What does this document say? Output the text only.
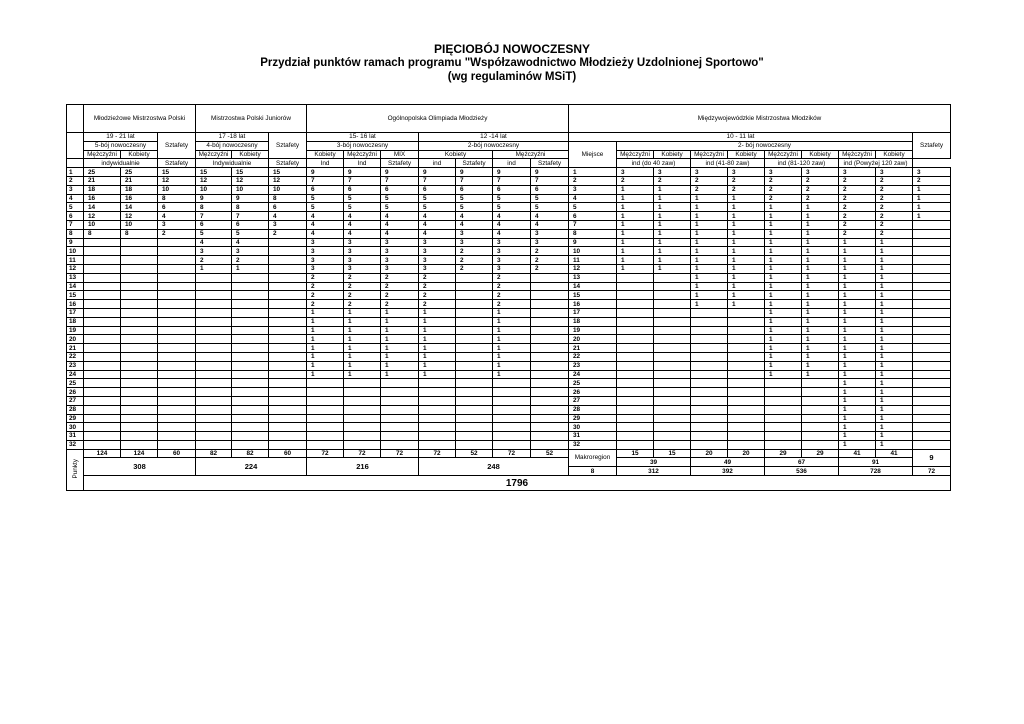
PIĘCIOBÓJ NOWOCZESNY
Przydział punktów ramach programu "Współzawodnictwo Młodzieży Uzdolnionej Sportowo"
(wg regulaminów MSiT)
	Młodzieżowe Mistrzostwa Polski			Mistrzostwa Polski Juniorów			Ogólnopolska Olimpiada Młodzieży							Międzywojewódzkie Mistrzostwa Młodzików									
	19 - 21 lat		Sztafety	17 -18 lat		Sztafety	15- 16 lat			12 -14 lat				10 - 11 lat									Sztafety
	5-bój nowoczesny			4-bój nowoczesny			3-bój nowoczesny			2-bój nowoczesny				Miejsce	2- bój nowoczesny								
	Mężczyźni	Kobiety		Mężczyźni	Kobiety		Kobiety	Mężczyźni	MIX	Kobiety		Mężczyźni			Mężczyźni	Kobiety	Mężczyźni	Kobiety	Mężczyźni	Kobiety	Mężczyźni	Kobiety	
	indywidualnie		Sztafety	Indywidualnie		Sztafety	Ind	Ind	Sztafety	ind	Sztafety	ind	Sztafety		ind (do 40 zaw)		ind (41-80 zaw)		ind (81-120 zaw)		ind (Powyżej 120 zaw)		
1	25	25	15	15	15	15	9	9	9	9	9	9	9	1	3	3	3	3	3	3	3	3	3
2	21	21	12	12	12	12	7	7	7	7	7	7	7	2	2	2	2	2	2	2	2	2	2
3	18	18	10	10	10	10	6	6	6	6	6	6	6	3	1	1	2	2	2	2	2	2	1
4	16	16	8	9	9	8	5	5	5	5	5	5	5	4	1	1	1	1	2	2	2	2	1
5	14	14	6	8	8	6	5	5	5	5	5	5	5	5	1	1	1	1	1	1	2	2	1
6	12	12	4	7	7	4	4	4	4	4	4	4	4	6	1	1	1	1	1	1	2	2	1
7	10	10	3	6	6	3	4	4	4	4	4	4	4	7	1	1	1	1	1	1	2	2	
8	8	8	2	5	5	2	4	4	4	4	3	4	3	8	1	1	1	1	1	1	2	2	
9				4	4		3	3	3	3	3	3	3	9	1	1	1	1	1	1	1	1	
10				3	3		3	3	3	3	2	3	2	10	1	1	1	1	1	1	1	1	
11				2	2		3	3	3	3	2	3	2	11	1	1	1	1	1	1	1	1	
12				1	1		3	3	3	3	2	3	2	12	1	1	1	1	1	1	1	1	
13							2	2	2	2		2		13			1	1	1	1	1	1	
14							2	2	2	2		2		14			1	1	1	1	1	1	
15							2	2	2	2		2		15			1	1	1	1	1	1	
16							2	2	2	2		2		16			1	1	1	1	1	1	
17							1	1	1	1		1		17					1	1	1	1	
18							1	1	1	1		1		18					1	1	1	1	
19							1	1	1	1		1		19					1	1	1	1	
20							1	1	1	1		1		20					1	1	1	1	
21							1	1	1	1		1		21					1	1	1	1	
22							1	1	1	1		1		22					1	1	1	1	
23							1	1	1	1		1		23					1	1	1	1	
24							1	1	1	1		1		24					1	1	1	1	
25														25							1	1	
26														26							1	1	
27														27							1	1	
28														28							1	1	
29														29							1	1	
30														30							1	1	
31														31							1	1	
32														32							1	1	
Punkty	124	124	60	82	82	60	72	72	72	72	52	72	52	Makroregion	15	15	20	20	29	29	41	41	9
	308			224			216			248					39		49		67		91		
														8	312		392		536		728		72
	1796																						
